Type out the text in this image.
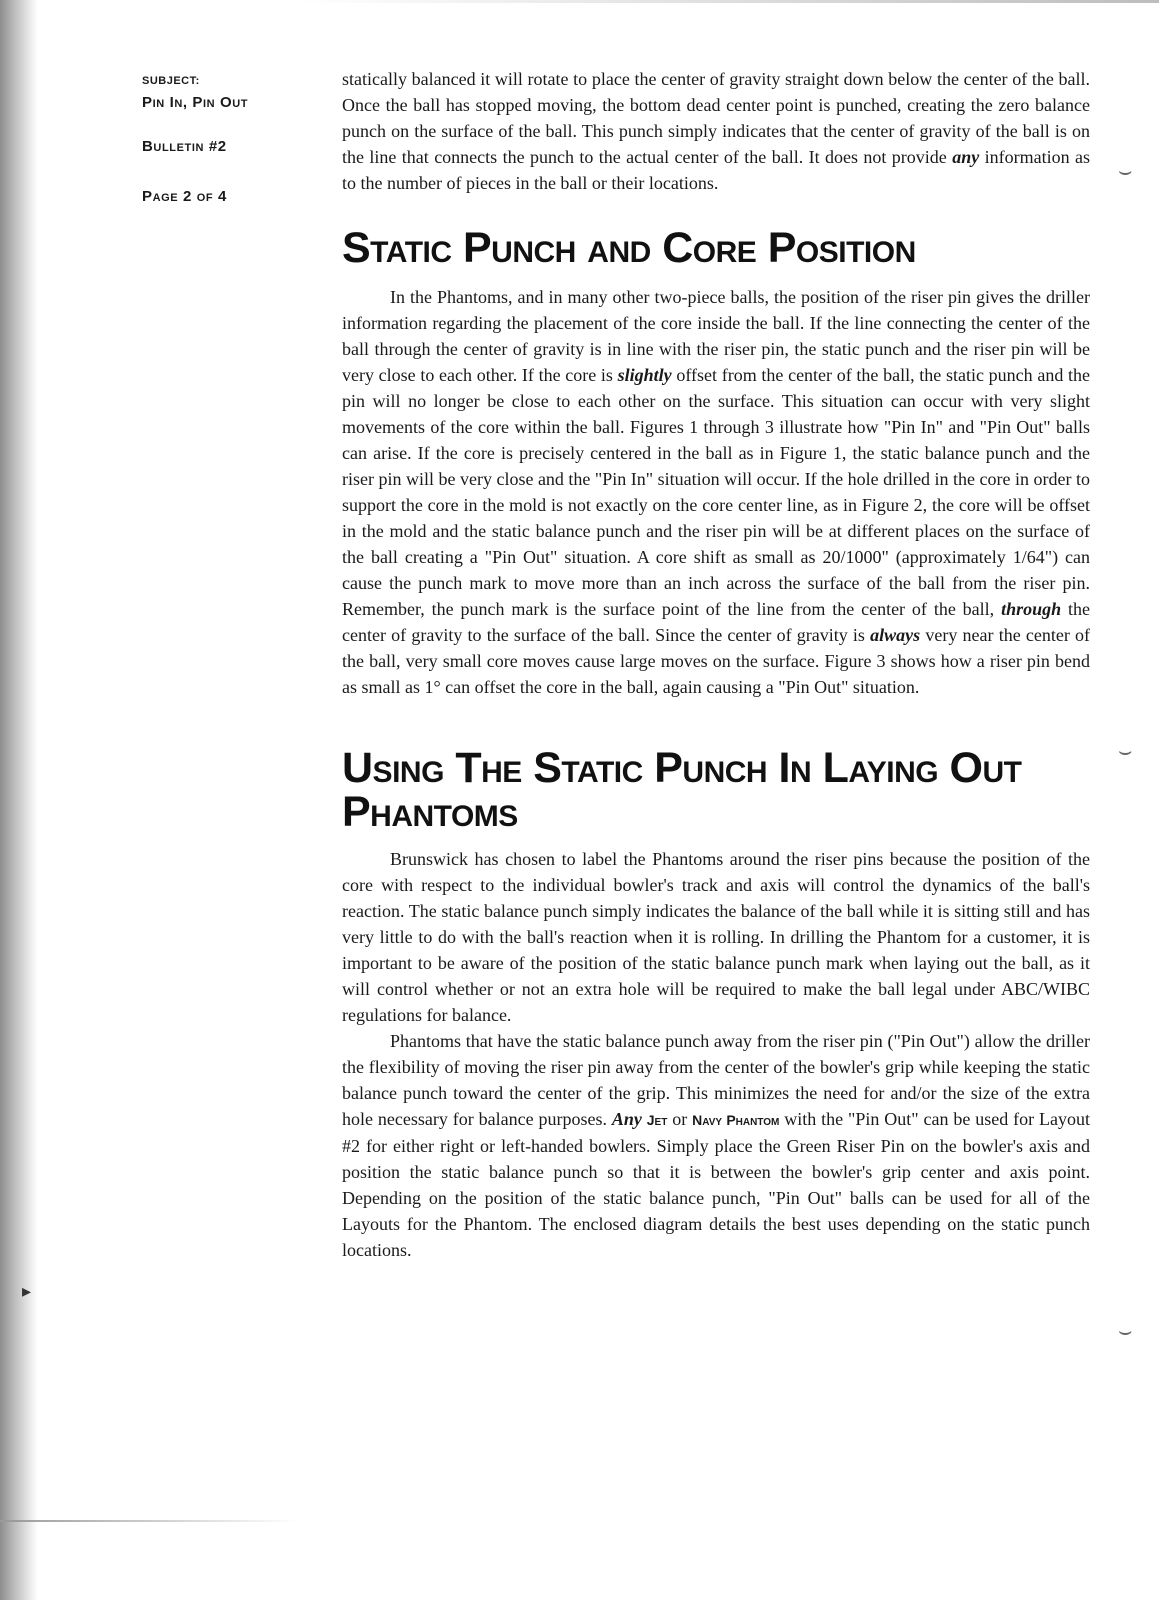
SUBJECT:

Pin In, Pin Out

Bulletin #2

Page 2 of 4

statically balanced it will rotate to place the center of gravity straight down below the center of the ball. Once the ball has stopped moving, the bottom dead center point is punched, creating the zero balance punch on the surface of the ball. This punch simply indicates that the center of gravity of the ball is on the line that connects the punch to the actual center of the ball. It does not provide any information as to the number of pieces in the ball or their locations.

Static Punch and Core Position

In the Phantoms, and in many other two-piece balls, the position of the riser pin gives the driller information regarding the placement of the core inside the ball. If the line connecting the center of the ball through the center of gravity is in line with the riser pin, the static punch and the riser pin will be very close to each other. If the core is slightly offset from the center of the ball, the static punch and the pin will no longer be close to each other on the surface. This situation can occur with very slight movements of the core within the ball. Figures 1 through 3 illustrate how "Pin In" and "Pin Out" balls can arise. If the core is precisely centered in the ball as in Figure 1, the static balance punch and the riser pin will be very close and the "Pin In" situation will occur. If the hole drilled in the core in order to support the core in the mold is not exactly on the core center line, as in Figure 2, the core will be offset in the mold and the static balance punch and the riser pin will be at different places on the surface of the ball creating a "Pin Out" situation. A core shift as small as 20/1000" (approximately 1/64") can cause the punch mark to move more than an inch across the surface of the ball from the riser pin. Remember, the punch mark is the surface point of the line from the center of the ball, through the center of gravity to the surface of the ball. Since the center of gravity is always very near the center of the ball, very small core moves cause large moves on the surface. Figure 3 shows how a riser pin bend as small as 1° can offset the core in the ball, again causing a "Pin Out" situation.

Using The Static Punch In Laying Out Phantoms

Brunswick has chosen to label the Phantoms around the riser pins because the position of the core with respect to the individual bowler's track and axis will control the dynamics of the ball's reaction. The static balance punch simply indicates the balance of the ball while it is sitting still and has very little to do with the ball's reaction when it is rolling. In drilling the Phantom for a customer, it is important to be aware of the position of the static balance punch mark when laying out the ball, as it will control whether or not an extra hole will be required to make the ball legal under ABC/WIBC regulations for balance.

Phantoms that have the static balance punch away from the riser pin ("Pin Out") allow the driller the flexibility of moving the riser pin away from the center of the bowler's grip while keeping the static balance punch toward the center of the grip. This minimizes the need for and/or the size of the extra hole necessary for balance purposes. Any Jet or Navy Phantom with the "Pin Out" can be used for Layout #2 for either right or left-handed bowlers. Simply place the Green Riser Pin on the bowler's axis and position the static balance punch so that it is between the bowler's grip center and axis point. Depending on the position of the static balance punch, "Pin Out" balls can be used for all of the Layouts for the Phantom. The enclosed diagram details the best uses depending on the static punch locations.

⌣
⌣
⌣
▸
